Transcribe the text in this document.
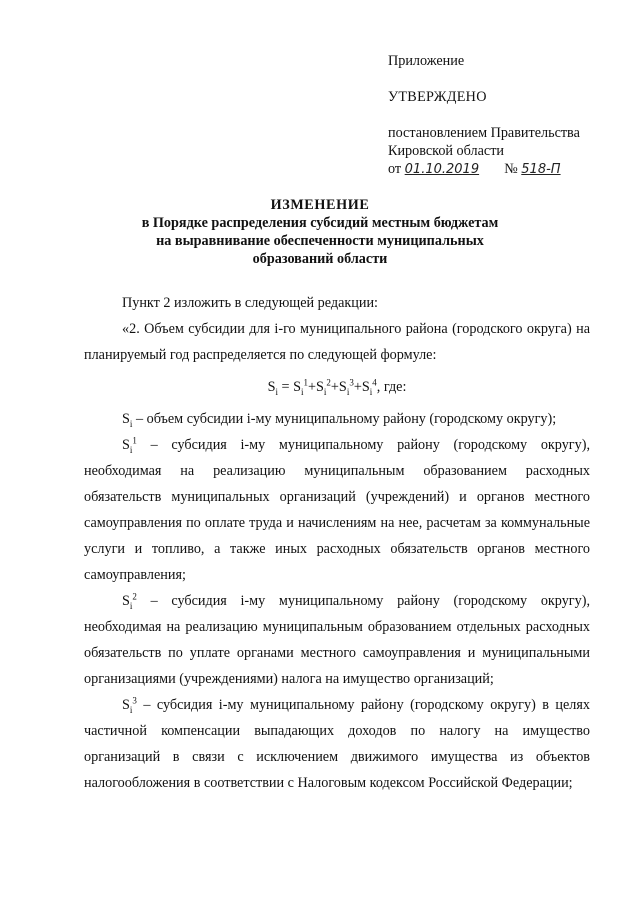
Приложение

УТВЕРЖДЕНО

постановлением Правительства

Кировской области

от 01.10.2019 № 518-П

ИЗМЕНЕНИЕ
в Порядке распределения субсидий местным бюджетам
на выравнивание обеспеченности муниципальных
образований области

Пункт 2 изложить в следующей редакции:

«2. Объем субсидии для i-го муниципального района (городского округа) на планируемый год распределяется по следующей формуле:

$S_i = S_i^1+S_i^2+S_i^3+S_i^4$, где:

$S_i$ – объем субсидии i-му муниципальному району (городскому округу);

$S_i^1$ – субсидия i-му муниципальному району (городскому округу), необходимая на реализацию муниципальным образованием расходных обязательств муниципальных организаций (учреждений) и органов местного самоуправления по оплате труда и начислениям на нее, расчетам за коммунальные услуги и топливо, а также иных расходных обязательств органов местного самоуправления;

$S_i^2$ – субсидия i-му муниципальному району (городскому округу), необходимая на реализацию муниципальным образованием отдельных расходных обязательств по уплате органами местного самоуправления и муниципальными организациями (учреждениями) налога на имущество организаций;

$S_i^3$ – субсидия i-му муниципальному району (городскому округу) в целях частичной компенсации выпадающих доходов по налогу на имущество организаций в связи с исключением движимого имущества из объектов налогообложения в соответствии с Налоговым кодексом Российской Федерации;
